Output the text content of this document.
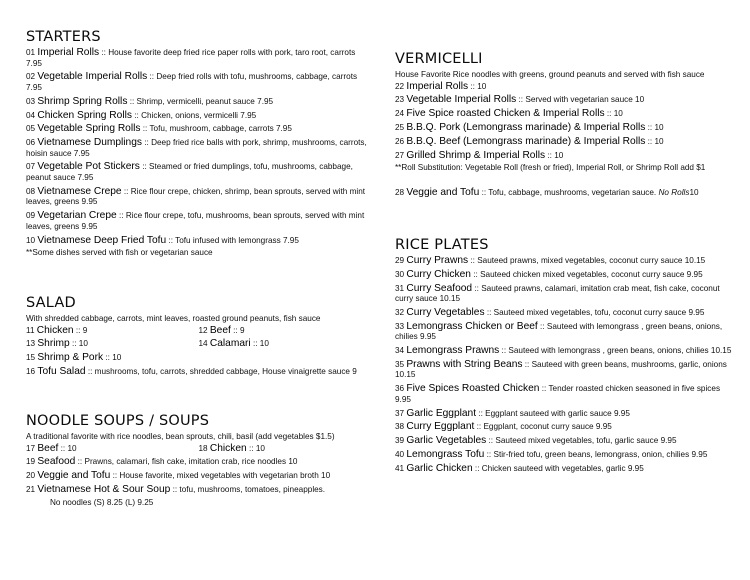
STARTERS
01 Imperial Rolls :: House favorite deep fried rice paper rolls with pork, taro root, carrots 7.95
02 Vegetable Imperial Rolls :: Deep fried rolls with tofu, mushrooms, cabbage, carrots 7.95
03 Shrimp Spring Rolls :: Shrimp, vermicelli, peanut sauce 7.95
04 Chicken Spring Rolls :: Chicken, onions, vermicelli 7.95
05 Vegetable Spring Rolls :: Tofu, mushroom, cabbage, carrots 7.95
06 Vietnamese Dumplings :: Deep fried rice balls with pork, shrimp, mushrooms, carrots, hoisin sauce 7.95
07 Vegetable Pot Stickers :: Steamed or fried dumplings, tofu, mushrooms, cabbage, peanut sauce 7.95
08 Vietnamese Crepe :: Rice flour crepe, chicken, shrimp, bean sprouts, served with mint leaves, greens 9.95
09 Vegetarian Crepe :: Rice flour crepe, tofu, mushrooms, bean sprouts, served with mint leaves, greens 9.95
10 Vietnamese Deep Fried Tofu :: Tofu infused with lemongrass 7.95
**Some dishes served with fish or vegetarian sauce
SALAD
With shredded cabbage, carrots, mint leaves, roasted ground peanuts, fish sauce
11 Chicken :: 9	12 Beef :: 9
13 Shrimp :: 10	14 Calamari :: 10
15 Shrimp & Pork :: 10
16 Tofu Salad :: mushrooms, tofu, carrots, shredded cabbage, House vinaigrette sauce 9
NOODLE SOUPS / SOUPS
A traditional favorite with rice noodles, bean sprouts, chili, basil (add vegetables $1.5)
17 Beef :: 10	18 Chicken :: 10
19 Seafood :: Prawns, calamari, fish cake, imitation crab, rice noodles 10
20 Veggie and Tofu :: House favorite, mixed vegetables with vegetarian broth 10
21 Vietnamese Hot & Sour Soup :: tofu, mushrooms, tomatoes, pineapples.
No noodles (S) 8.25 (L) 9.25
VERMICELLI
House Favorite Rice noodles with greens, ground peanuts and served with fish sauce
22 Imperial Rolls :: 10
23 Vegetable Imperial Rolls :: Served with vegetarian sauce 10
24 Five Spice roasted Chicken & Imperial Rolls :: 10
25 B.B.Q. Pork (Lemongrass marinade) & Imperial Rolls :: 10
26 B.B.Q. Beef (Lemongrass marinade) & Imperial Rolls :: 10
27 Grilled Shrimp & Imperial Rolls :: 10
**Roll Substitution: Vegetable Roll (fresh or fried), Imperial Roll, or Shrimp Roll add $1
28 Veggie and Tofu :: Tofu, cabbage, mushrooms, vegetarian sauce. No Rolls10
RICE PLATES
29 Curry Prawns :: Sauteed prawns, mixed vegetables, coconut curry sauce 10.15
30 Curry Chicken :: Sauteed chicken mixed vegetables, coconut curry sauce 9.95
31 Curry Seafood :: Sauteed prawns, calamari, imitation crab meat, fish cake, coconut curry sauce 10.15
32 Curry Vegetables :: Sauteed mixed vegetables, tofu, coconut curry sauce 9.95
33 Lemongrass Chicken or Beef :: Sauteed with lemongrass , green beans, onions, chilies 9.95
34 Lemongrass Prawns :: Sauteed with lemongrass , green beans, onions, chilies 10.15
35 Prawns with String Beans :: Sauteed with green beans, mushrooms, garlic, onions 10.15
36 Five Spices Roasted Chicken :: Tender roasted chicken seasoned in five spices 9.95
37 Garlic Eggplant :: Eggplant sauteed with garlic sauce 9.95
38 Curry Eggplant :: Eggplant, coconut curry sauce 9.95
39 Garlic Vegetables :: Sauteed mixed vegetables, tofu, garlic sauce 9.95
40 Lemongrass Tofu :: Stir-fried tofu, green beans, lemongrass, onion, chilies 9.95
41 Garlic Chicken :: Chicken sauteed with vegetables, garlic 9.95
